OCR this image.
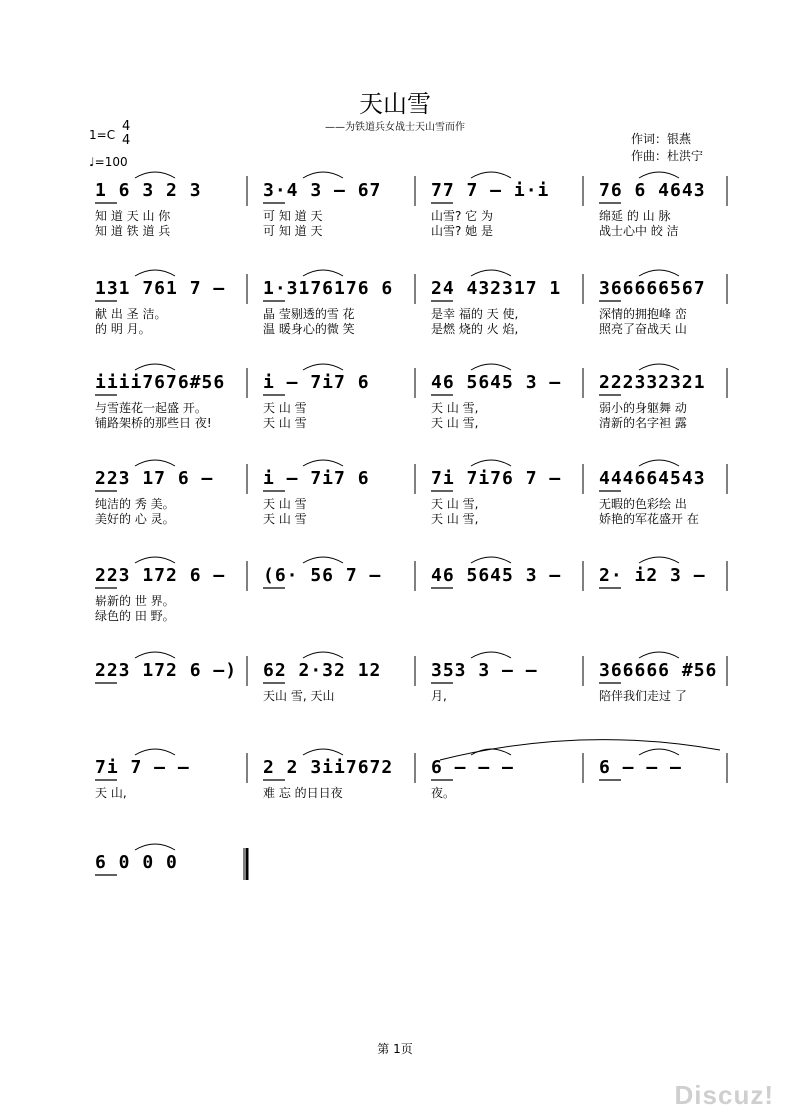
天山雪
——为铁道兵女战士天山雪而作
1=C
4
4
♩=100
作词：银燕
作曲：杜洪宁
1 6 3 2 3
知 道 天 山 你
知 道 铁 道 兵
3·4 3 – 67
可 知 道 天
可 知 道 天
77 7 – i·i
山雪? 它 为
山雪? 她 是
76 6 4643
绵延 的 山 脉
战士心中 皎 洁
131 761 7 –
献 出 圣 洁。
的 明 月。
1·3176176 6
晶 莹剔透的雪 花
温 暖身心的微 笑
24 432317 1
是幸 福的 天 使,
是燃 烧的 火 焰,
366666567
深情的拥抱峰 峦
照亮了奋战天 山
iiii7676#56
与雪莲花一起盛 开。
铺路架桥的那些日 夜!
i – 7i7 6
天 山 雪
天 山 雪
46 5645 3 –
天 山 雪,
天 山 雪,
222332321
弱小的身躯舞 动
清新的名字袒 露
223 17 6 –
纯洁的 秀 美。
美好的 心 灵。
i – 7i7 6
天 山 雪
天 山 雪
7i 7i76 7 –
天 山 雪,
天 山 雪,
444664543
无暇的色彩绘 出
娇艳的军花盛开 在
223 172 6 –
崭新的 世 界。
绿色的 田 野。
(6· 56 7 –	46 5645 3 – 2· i2 3 –
223 172 6 –) 62 2·32 12
天山 雪, 天山
353 3 – –
月,
366666 #56
陪伴我们走过 了
7i 7 – –
天 山,
2 2 3ii7672
难 忘 的日日夜
6 – – –
夜。
6 – – –
6 0 0 0
第 1页
Discuz!
